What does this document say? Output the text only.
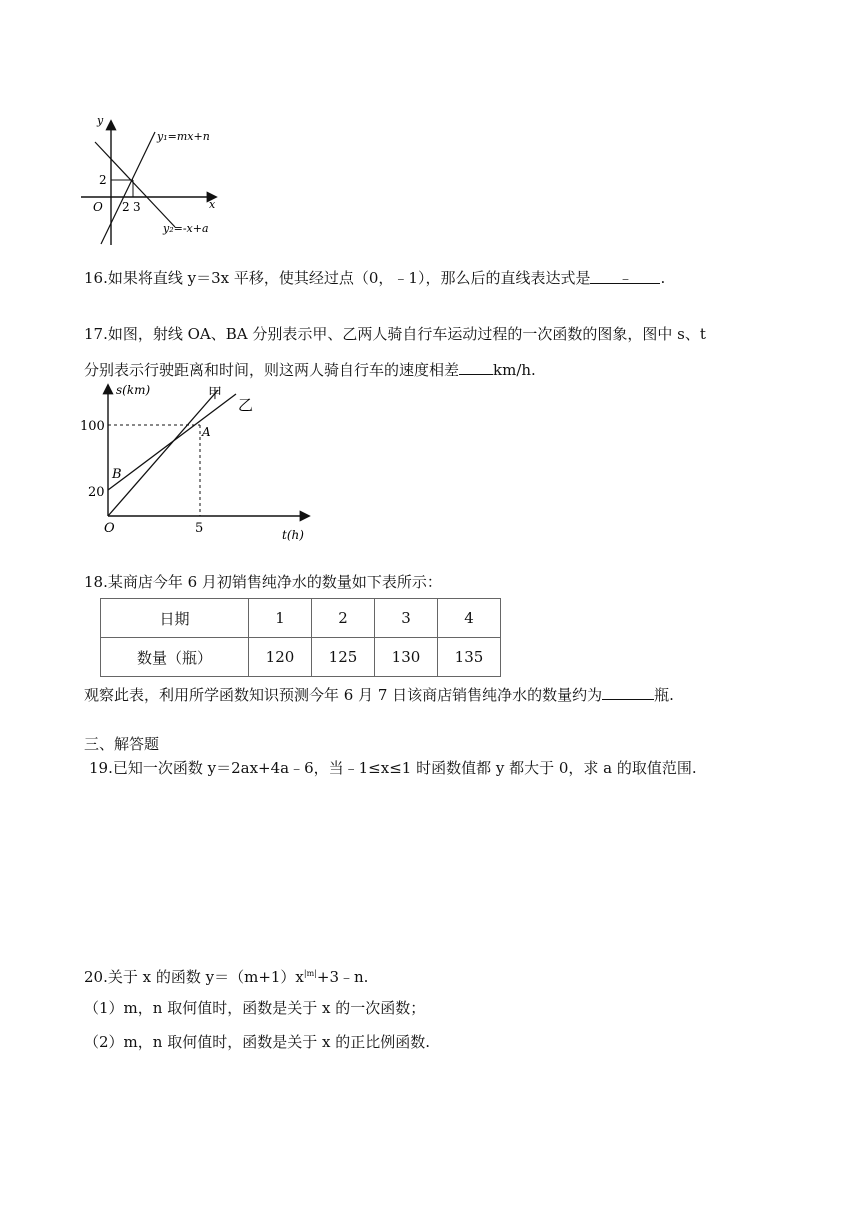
y
x
O
2
2 3
y₁=mx+n
y₂=-x+a
16.如果将直线 y＝3x 平移，使其经过点（0，﹣1），那么后的直线表达式是 ﹣ .
17.如图，射线 OA、BA 分别表示甲、乙两人骑自行车运动过程的一次函数的图象，图中 s、t
分别表示行驶距离和时间，则这两人骑自行车的速度相差 km/h.
s(km)
t(h)
O
100
20
5
A
B
甲
乙
18.某商店今年 6 月初销售纯净水的数量如下表所示：
日期	1	2	3	4
数量（瓶）	120	125	130	135
观察此表，利用所学函数知识预测今年 6 月 7 日该商店销售纯净水的数量约为	瓶.
三、解答题
19.已知一次函数 y＝2ax+4a﹣6，当﹣1≤x≤1 时函数值都 y 都大于 0，求 a 的取值范围.
20.关于 x 的函数 $y=(m+1)x^{|m|}+3﹣n$.
（1）m，n 取何值时，函数是关于 x 的一次函数；
（2）m，n 取何值时，函数是关于 x 的正比例函数.
